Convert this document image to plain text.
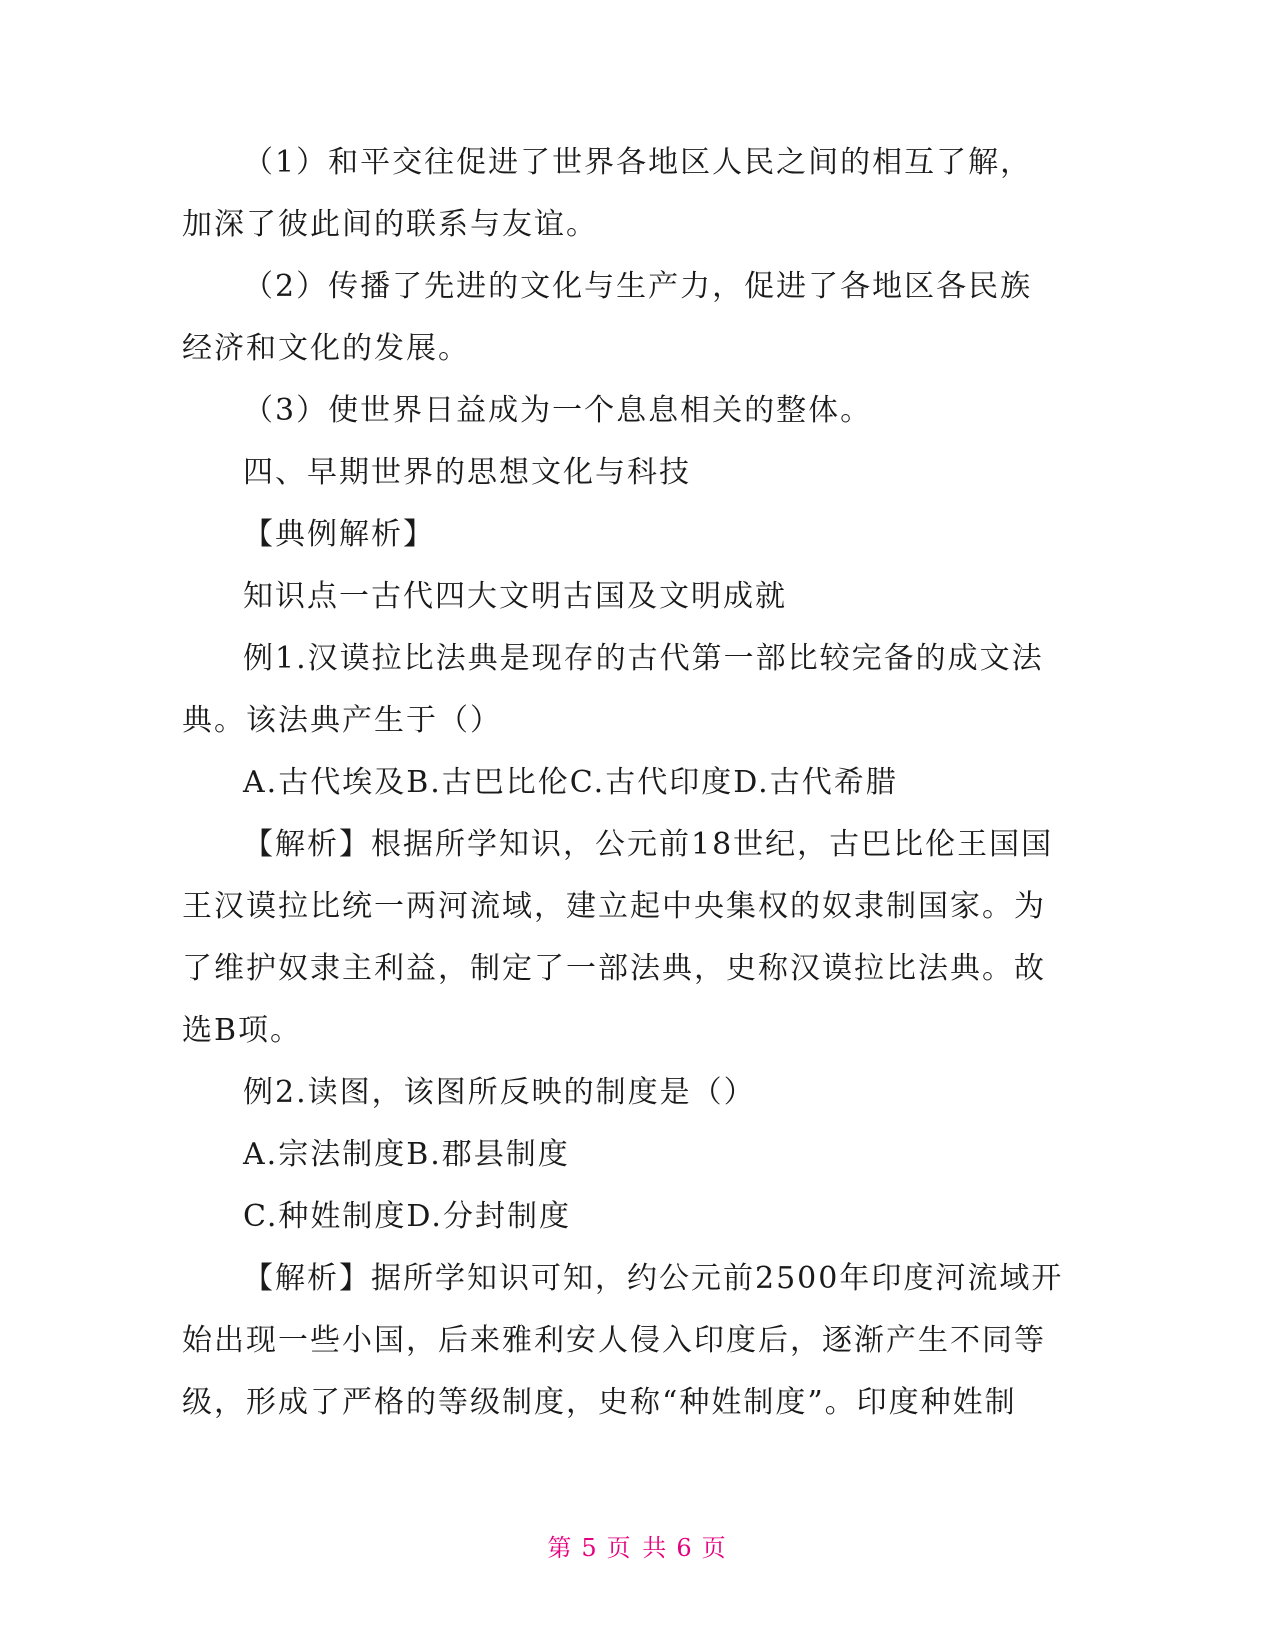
（1）和平交往促进了世界各地区人民之间的相互了解，
加深了彼此间的联系与友谊。
（2）传播了先进的文化与生产力，促进了各地区各民族
经济和文化的发展。
（3）使世界日益成为一个息息相关的整体。
四、早期世界的思想文化与科技
【典例解析】
知识点一古代四大文明古国及文明成就
例1.汉谟拉比法典是现存的古代第一部比较完备的成文法
典。该法典产生于（）
A.古代埃及B.古巴比伦C.古代印度D.古代希腊
【解析】根据所学知识，公元前18世纪，古巴比伦王国国
王汉谟拉比统一两河流域，建立起中央集权的奴隶制国家。为
了维护奴隶主利益，制定了一部法典，史称汉谟拉比法典。故
选B项。
例2.读图，该图所反映的制度是（）
A.宗法制度B.郡县制度
C.种姓制度D.分封制度
【解析】据所学知识可知，约公元前2500年印度河流域开
始出现一些小国，后来雅利安人侵入印度后，逐渐产生不同等
级，形成了严格的等级制度，史称“种姓制度”。印度种姓制
第 5 页 共 6 页
